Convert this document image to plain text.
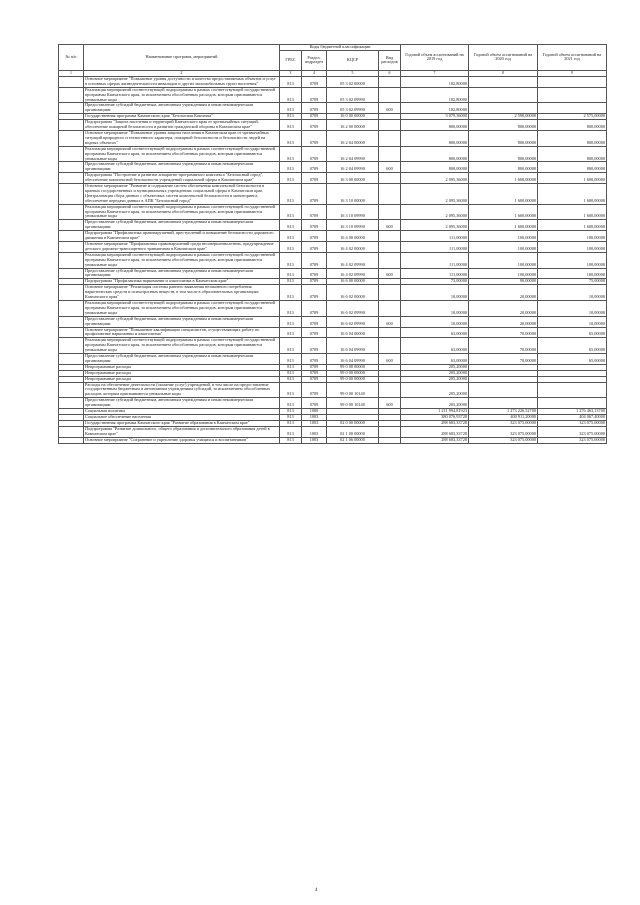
№ п/п	Наименование программ, мероприятий	Коды бюджетной классификации				Годовой объем ассигнований на 2019 год	Годовой объем ассигнований на 2020 год	Годовой объем ассигнований на 2021 год
		ГРБС	Раздел, подраздел	КЦСР	Вид расходов			
1	2	3	4	5	6	7	8	9
	Основное мероприятие "Повышение уровня доступности и качества предоставляемых объектов и услуг в основных сферах жизнедеятельности инвалидов и других маломобильных групп населения"	813	0709	05 3 02 00000		182,80000		
	Реализация мероприятий соответствующей подпрограммы в рамках соответствующей государственной программы Камчатского края, за исключением обособленных расходов, которым присваиваются уникальные коды	813	0709	05 3 02 09990		182,80000		
	Предоставление субсидий бюджетным, автономным учреждениям и иным некоммерческим организациям	813	0709	05 3 02 09990	600	182,80000		
	Государственная программа Камчатского края "Безопасная Камчатка"	813	0709	16 0 00 00000		3 079,36000	2 590,00000	2 575,00000
	Подпрограмма "Защита населения и территорий Камчатского края от чрезвычайных ситуаций, обеспечение пожарной безопасности и развитие гражданской обороны в Камчатском крае"	813	0709	16 2 00 00000		800,00000	800,00000	800,00000
	Основное мероприятие "Повышение уровня защиты населения в Камчатском крае от чрезвычайных ситуаций природного и техногенного характера, пожарной безопасности и безопасности людей на водных объектах"	813	0709	16 2 04 00000		800,00000	800,00000	800,00000
	Реализация мероприятий соответствующей подпрограммы в рамках соответствующей государственной программы Камчатского края, за исключением обособленных расходов, которым присваиваются уникальные коды	813	0709	16 2 04 09990		800,00000	800,00000	800,00000
	Предоставление субсидий бюджетным, автономным учреждениям и иным некоммерческим организациям	813	0709	16 2 04 09990	600	800,00000	800,00000	800,00000
	Подпрограмма "Построение и развитие аппаратно-программного комплекса "Безопасный город", обеспечение комплексной безопасности учреждений социальной сферы в Камчатском крае"	813	0709	16 3 00 00000		2 095,36000	1 600,00000	1 600,00000
	Основное мероприятие "Развитие и содержание систем обеспечения комплексной безопасности в краевых государственных и муниципальных учреждениях социальной сферы в Камчатском крае. Централизация сбора данных с объектовых систем комплексной безопасности и мониторинга, обеспечение передачи данных в АПК "Безопасный город"	813	0709	16 3 10 00000		2 095,36000	1 600,00000	1 600,00000
	Реализация мероприятий соответствующей подпрограммы в рамках соответствующей государственной программы Камчатского края, за исключением обособленных расходов, которым присваиваются уникальные коды	813	0709	16 3 10 09990		2 095,36000	1 600,00000	1 600,00000
	Предоставление субсидий бюджетным, автономным учреждениям и иным некоммерческим организациям	813	0709	16 3 10 09990	600	2 095,36000	1 600,00000	1 600,00000
	Подпрограмма "Профилактика правонарушений, преступлений и повышение безопасности дорожного движения в Камчатском крае"	813	0709	16 4 00 00000		111,00000	100,00000	100,00000
	Основное мероприятие "Профилактика правонарушений среди несовершеннолетних, предупреждение детского дорожно-транспортного травматизма в Камчатском крае"	813	0709	16 4 02 00000		111,00000	100,00000	100,00000
	Реализация мероприятий соответствующей подпрограммы в рамках соответствующей государственной программы Камчатского края, за исключением обособленных расходов, которым присваиваются уникальные коды	813	0709	16 4 02 09990		111,00000	100,00000	100,00000
	Предоставление субсидий бюджетным, автономным учреждениям и иным некоммерческим организациям	813	0709	16 4 02 09990	600	111,00000	100,00000	100,00000
	Подпрограмма "Профилактика наркомании и алкоголизма в Камчатском крае"	813	0709	16 6 00 00000		73,00000	90,00000	75,00000
	Основное мероприятие "Реализация системы раннего выявления незаконного потребления наркотических средств и психотропных веществ, в том числе в образовательных организациях Камчатского края"	813	0709	16 6 02 00000		10,00000	20,00000	10,00000
	Реализация мероприятий соответствующей подпрограммы в рамках соответствующей государственной программы Камчатского края, за исключением обособленных расходов, которым присваиваются уникальные коды	813	0709	16 6 02 09990		10,00000	20,00000	10,00000
	Предоставление субсидий бюджетным, автономным учреждениям и иным некоммерческим организациям	813	0709	16 6 02 09990	600	10,00000	20,00000	10,00000
	Основное мероприятие "Повышение квалификации специалистов, осуществляющих работу по профилактике наркомании и алкоголизма"	813	0709	16 6 04 00000		63,00000	70,00000	65,00000
	Реализация мероприятий соответствующей подпрограммы в рамках соответствующей государственной программы Камчатского края, за исключением обособленных расходов, которым присваиваются уникальные коды	813	0709	16 6 04 09990		63,00000	70,00000	65,00000
	Предоставление субсидий бюджетным, автономным учреждениям и иным некоммерческим организациям	813	0709	16 6 04 09990	600	63,00000	70,00000	65,00000
	Непрограммные расходы	813	0709	99 0 00 00000		205,20000		
	Непрограммные расходы	813	0709	99 0 00 00000		205,20000		
	Непрограммные расходы	813	0709	99 0 00 00000		205,20000		
	Расходы на обеспечение деятельности (оказание услуг) учреждений, в том числе на предоставление государственным бюджетным и автономным учреждениям субсидий, за исключением обособленных расходов, которым присваиваются уникальные коды	813	0709	99 0 00 10140		205,20000		
	Предоставление субсидий бюджетным, автономным учреждениям и иным некоммерческим организациям	813	0709	99 0 00 10140	600	205,20000		
	Социальная политика	813	1000			1 211 994,81923	1 273 226,52700	1 276 463,13700
	Социальное обеспечение населения	813	1003			380 076,93728	400 911,20000	404 067,40000
	Государственная программа Камчатского края "Развитие образования в Камчатском крае"	813	1003	02 0 00 00000		288 683,33728	323 075,00000	323 075,00000
	Подпрограмма "Развитие дошкольного, общего образования и дополнительного образования детей в Камчатском крае"	813	1003	02 1 00 00000		288 683,33728	323 075,00000	323 075,00000
	Основное мероприятие "Сохранение и укрепление здоровья учащихся и воспитанников"	813	1003	02 1 06 00000		288 683,33728	323 075,00000	323 075,00000
4
